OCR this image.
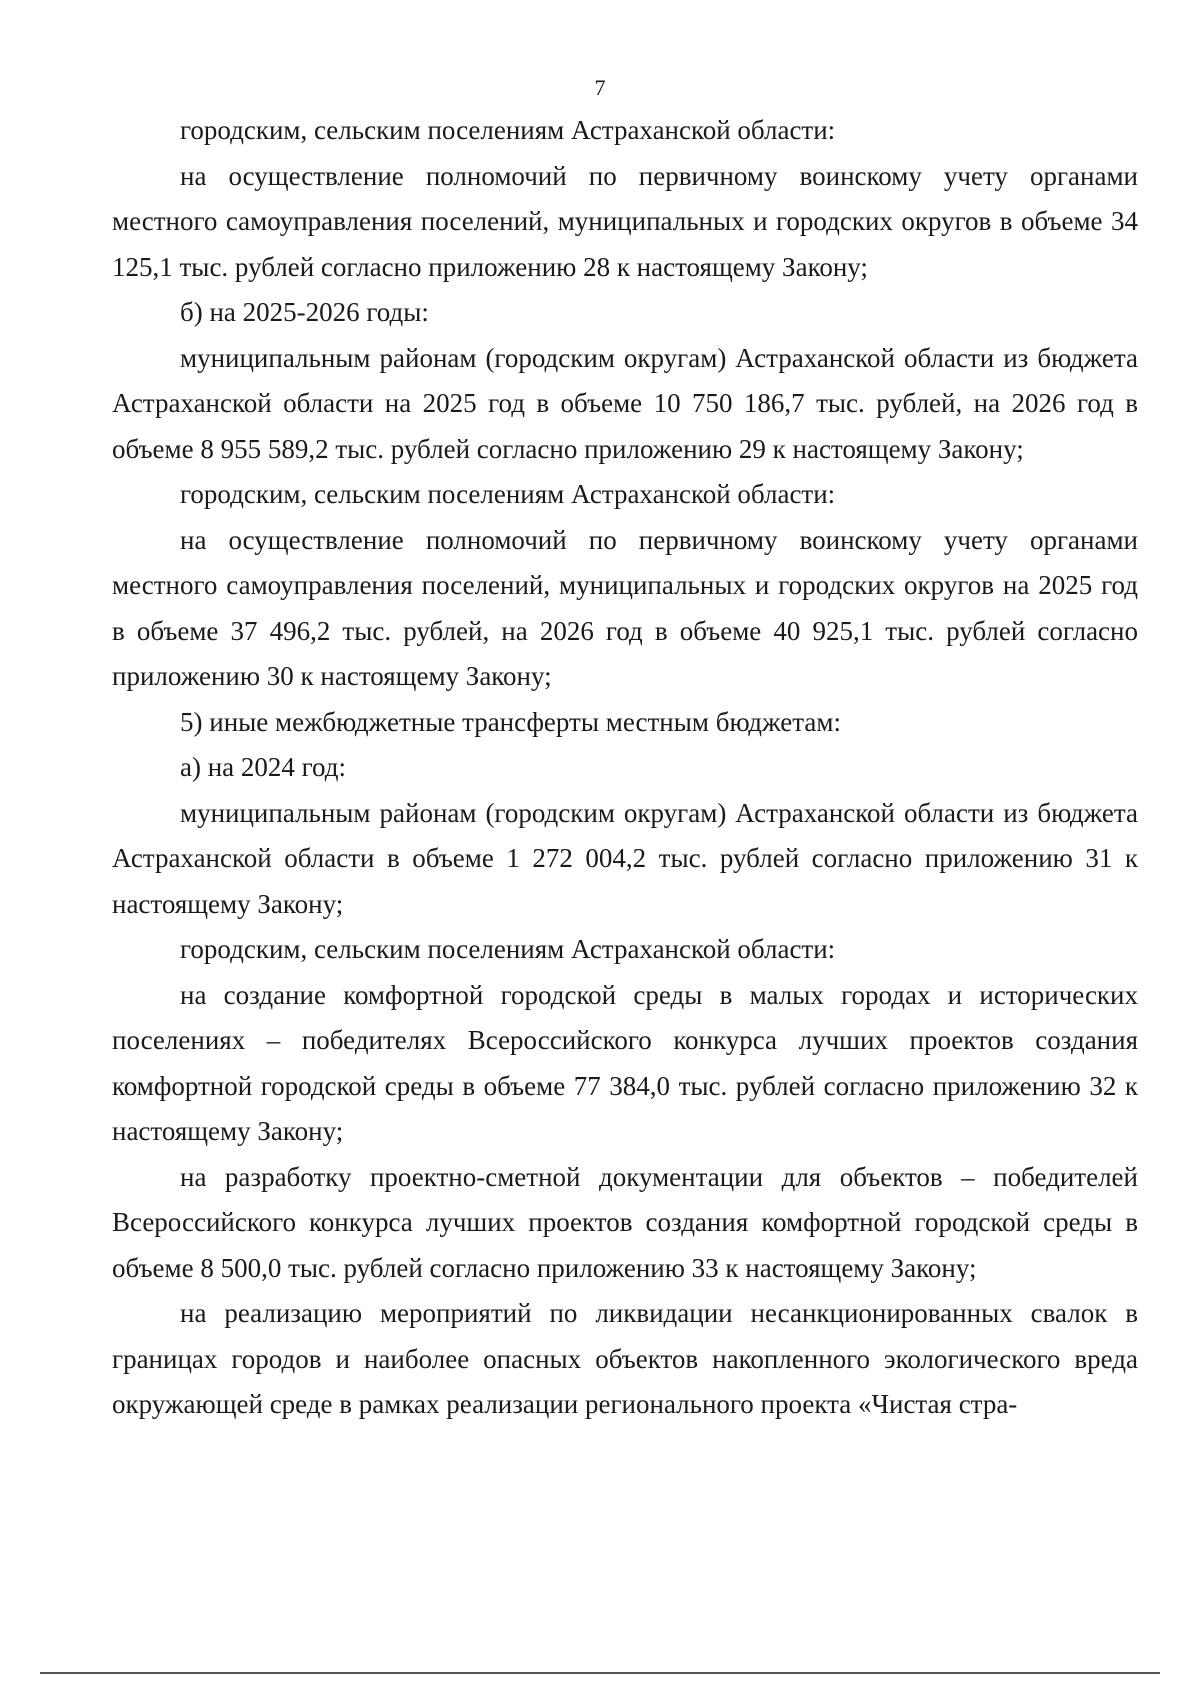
7

городским, сельским поселениям Астраханской области:

на осуществление полномочий по первичному воинскому учету органами местного самоуправления поселений, муниципальных и городских округов в объеме 34 125,1 тыс. рублей согласно приложению 28 к настоящему Закону;

б) на 2025-2026 годы:

муниципальным районам (городским округам) Астраханской области из бюджета Астраханской области на 2025 год в объеме 10 750 186,7 тыс. рублей, на 2026 год в объеме 8 955 589,2 тыс. рублей согласно приложению 29 к настоящему Закону;

городским, сельским поселениям Астраханской области:

на осуществление полномочий по первичному воинскому учету органами местного самоуправления поселений, муниципальных и городских округов на 2025 год в объеме 37 496,2 тыс. рублей, на 2026 год в объеме 40 925,1 тыс. рублей согласно приложению 30 к настоящему Закону;

5) иные межбюджетные трансферты местным бюджетам:

а) на 2024 год:

муниципальным районам (городским округам) Астраханской области из бюджета Астраханской области в объеме 1 272 004,2 тыс. рублей согласно приложению 31 к настоящему Закону;

городским, сельским поселениям Астраханской области:

на создание комфортной городской среды в малых городах и исторических поселениях – победителях Всероссийского конкурса лучших проектов создания комфортной городской среды в объеме 77 384,0 тыс. рублей согласно приложению 32 к настоящему Закону;

на разработку проектно-сметной документации для объектов – победителей Всероссийского конкурса лучших проектов создания комфортной городской среды в объеме 8 500,0 тыс. рублей согласно приложению 33 к настоящему Закону;

на реализацию мероприятий по ликвидации несанкционированных свалок в границах городов и наиболее опасных объектов накопленного экологического вреда окружающей среде в рамках реализации регионального проекта «Чистая стра-
